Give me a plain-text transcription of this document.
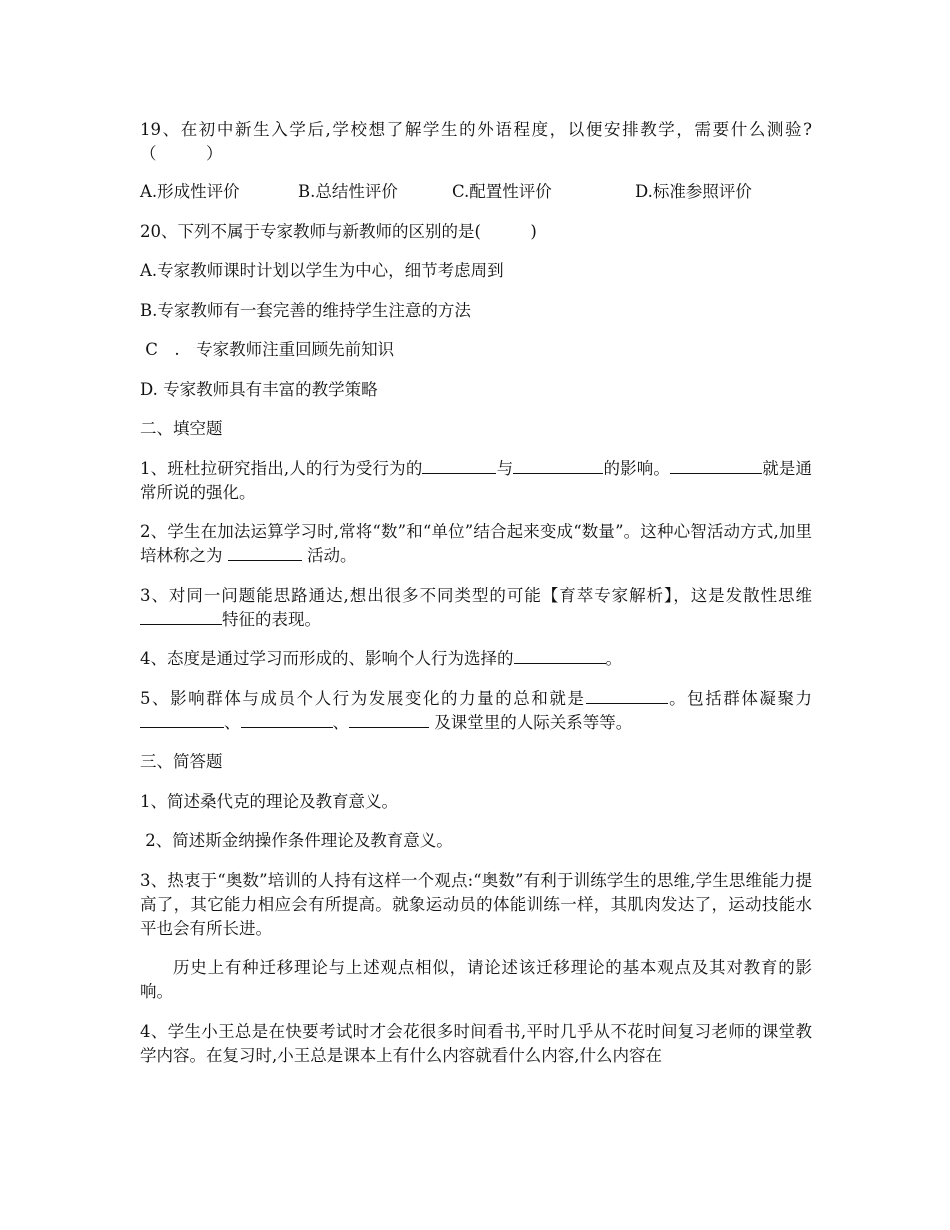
19、在初中新生入学后,学校想了解学生的外语程度，以便安排教学，需要什么测验?（　　　）

A.形成性评价	B.总结性评价	C.配置性评价	D.标准参照评价

20、下列不属于专家教师与新教师的区别的是(　　　)

A.专家教师课时计划以学生为中心，细节考虑周到

B.专家教师有一套完善的维持学生注意的方法

C　.　专家教师注重回顾先前知识

D. 专家教师具有丰富的教学策略

二、填空题

1、班杜拉研究指出,人的行为受行为的	与	的影响。	就是通常所说的强化。

2、学生在加法运算学习时,常将“数”和“单位”结合起来变成“数量”。这种心智活动方式,加里培林称之为	活动。

3、对同一问题能思路通达,想出很多不同类型的可能【育萃专家解析】，这是发散性思维特征的表现。

4、态度是通过学习而形成的、影响个人行为选择的	。

5、影响群体与成员个人行为发展变化的力量的总和就是	。包括群体凝聚力、	、	及课堂里的人际关系等等。

三、简答题

1、简述桑代克的理论及教育意义。

2、简述斯金纳操作条件理论及教育意义。

3、热衷于“奥数”培训的人持有这样一个观点:“奥数”有利于训练学生的思维,学生思维能力提高了，其它能力相应会有所提高。就象运动员的体能训练一样，其肌肉发达了，运动技能水平也会有所长进。

历史上有种迁移理论与上述观点相似，请论述该迁移理论的基本观点及其对教育的影响。

4、学生小王总是在快要考试时才会花很多时间看书,平时几乎从不花时间复习老师的课堂教学内容。在复习时,小王总是课本上有什么内容就看什么内容,什么内容在
